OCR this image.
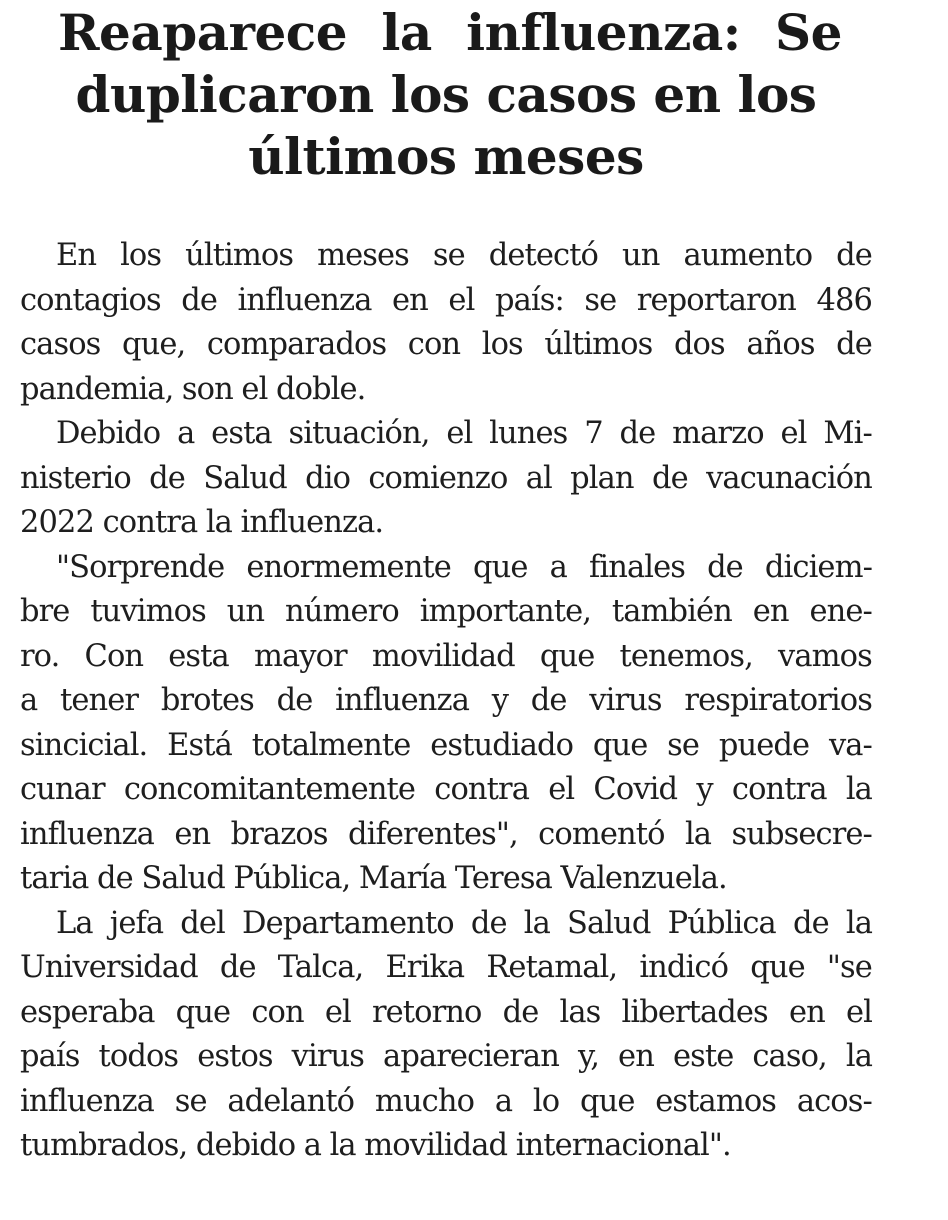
Reaparece la influenza: Se
duplicaron los casos en los
últimos meses
En los últimos meses se detectó un aumento de
contagios de influenza en el país: se reportaron 486
casos que, comparados con los últimos dos años de
pandemia, son el doble.
Debido a esta situación, el lunes 7 de marzo el Mi-
nisterio de Salud dio comienzo al plan de vacunación
2022 contra la influenza.
"Sorprende enormemente que a finales de diciem-
bre tuvimos un número importante, también en ene-
ro. Con esta mayor movilidad que tenemos, vamos
a tener brotes de influenza y de virus respiratorios
sincicial. Está totalmente estudiado que se puede va-
cunar concomitantemente contra el Covid y contra la
influenza en brazos diferentes", comentó la subsecre-
taria de Salud Pública, María Teresa Valenzuela.
La jefa del Departamento de la Salud Pública de la
Universidad de Talca, Erika Retamal, indicó que "se
esperaba que con el retorno de las libertades en el
país todos estos virus aparecieran y, en este caso, la
influenza se adelantó mucho a lo que estamos acos-
tumbrados, debido a la movilidad internacional".
